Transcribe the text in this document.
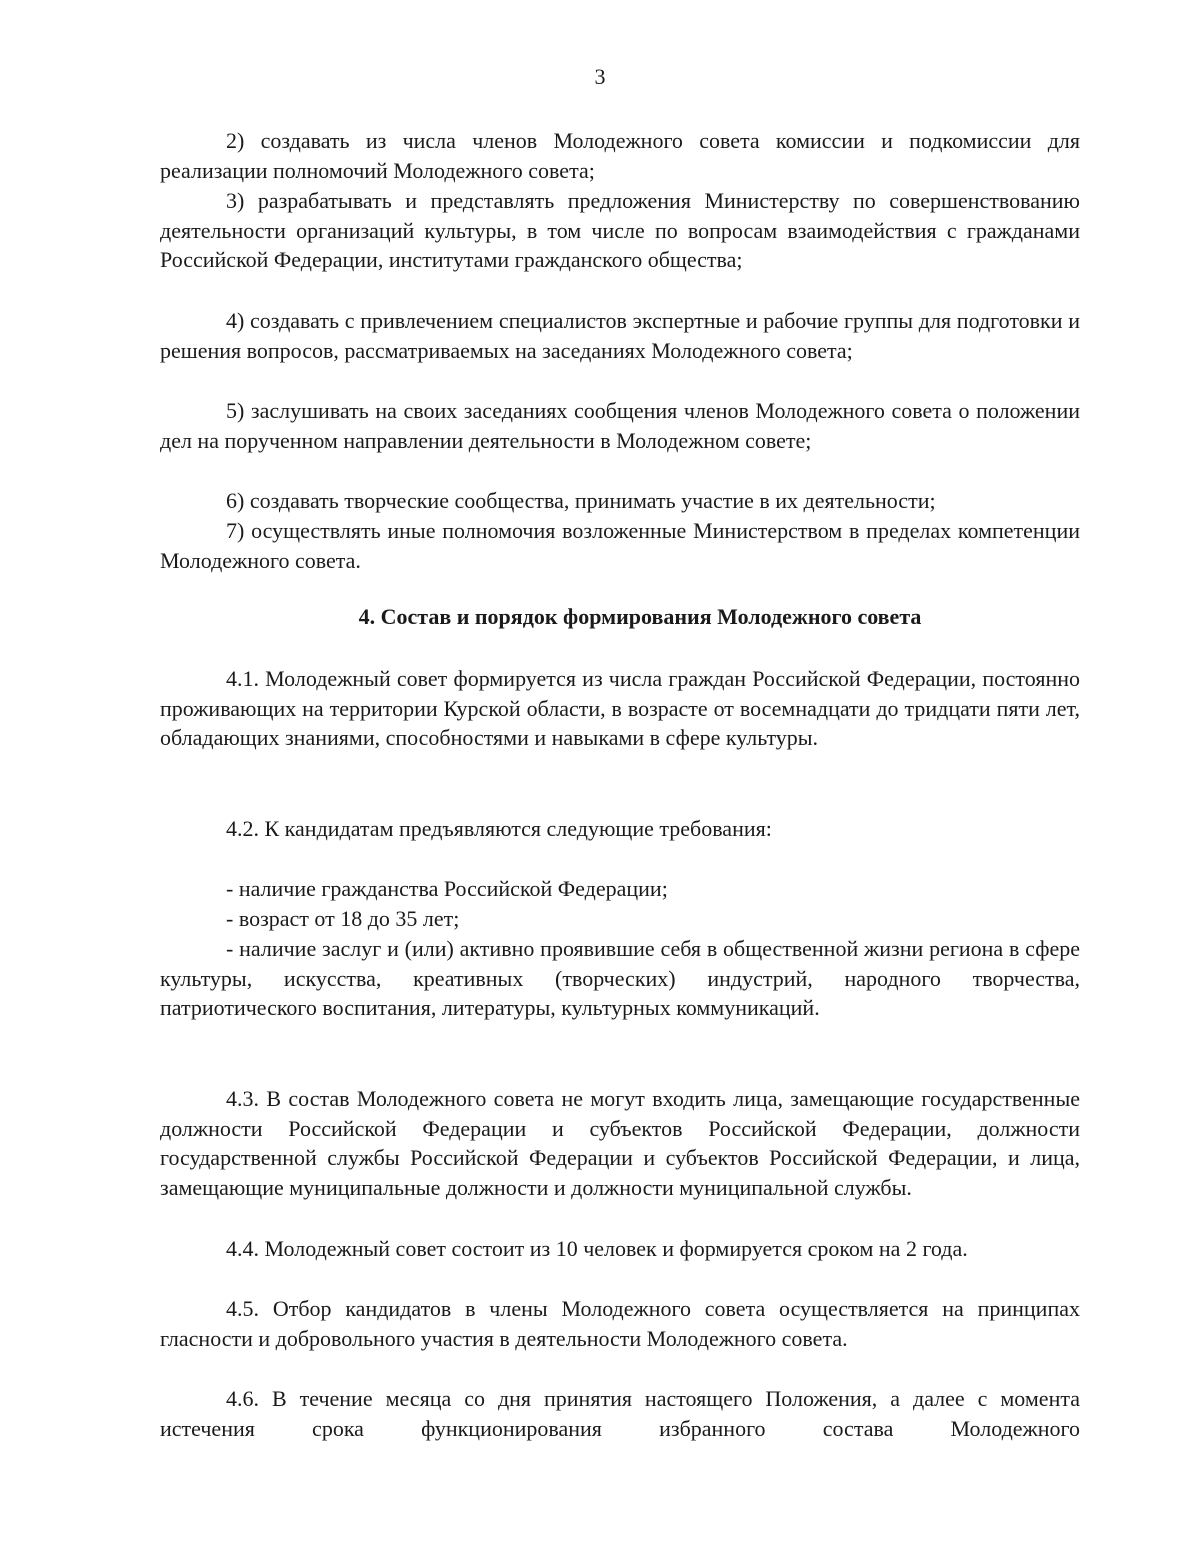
3

2) создавать из числа членов Молодежного совета комиссии и подкомиссии для реализации полномочий Молодежного совета;

3) разрабатывать и представлять предложения Министерству по совершенствованию деятельности организаций культуры, в том числе по вопросам взаимодействия с гражданами Российской Федерации, институтами гражданского общества;

4) создавать с привлечением специалистов экспертные и рабочие группы для подготовки и решения вопросов, рассматриваемых на заседаниях Молодежного совета;

5) заслушивать на своих заседаниях сообщения членов Молодежного совета о положении дел на порученном направлении деятельности в Молодежном совете;

6) создавать творческие сообщества, принимать участие в их деятельности;

7) осуществлять иные полномочия возложенные Министерством в пределах компетенции Молодежного совета.

4. Состав и порядок формирования Молодежного совета

4.1. Молодежный совет формируется из числа граждан Российской Федерации, постоянно проживающих на территории Курской области, в возрасте от восемнадцати до тридцати пяти лет, обладающих знаниями, способностями и навыками в сфере культуры.

4.2. К кандидатам предъявляются следующие требования:

- наличие гражданства Российской Федерации;

- возраст от 18 до 35 лет;

- наличие заслуг и (или) активно проявившие себя в общественной жизни региона в сфере культуры, искусства, креативных (творческих) индустрий, народного творчества, патриотического воспитания, литературы, культурных коммуникаций.

4.3. В состав Молодежного совета не могут входить лица, замещающие государственные должности Российской Федерации и субъектов Российской Федерации, должности государственной службы Российской Федерации и субъектов Российской Федерации, и лица, замещающие муниципальные должности и должности муниципальной службы.

4.4. Молодежный совет состоит из 10 человек и формируется сроком на 2 года.

4.5. Отбор кандидатов в члены Молодежного совета осуществляется на принципах гласности и добровольного участия в деятельности Молодежного совета.

4.6. В течение месяца со дня принятия настоящего Положения, а далее с момента истечения срока функционирования избранного состава Молодежного
